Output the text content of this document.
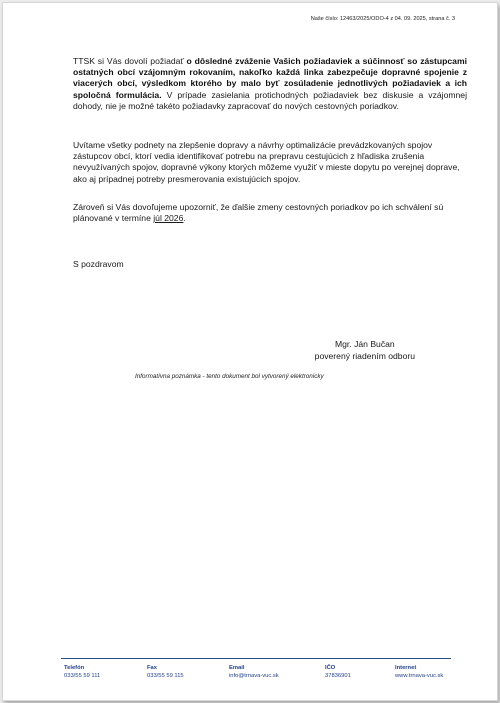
Naše číslo: 12463/2025/ODO-4 z 04. 09. 2025, strana č. 3
TTSK si Vás dovolí požiadať o dôsledné zváženie Vašich požiadaviek a súčinnosť so zástupcami ostatných obcí vzájomným rokovaním, nakoľko každá linka zabezpečuje dopravné spojenie z viacerých obcí, výsledkom ktorého by malo byť zosúladenie jednotlivých požiadaviek a ich spoločná formulácia. V prípade zasielania protichodných požiadaviek bez diskusie a vzájomnej dohody, nie je možné takéto požiadavky zapracovať do nových cestovných poriadkov.
Uvítame všetky podnety na zlepšenie dopravy a návrhy optimalizácie prevádzkovaných spojov zástupcov obcí, ktorí vedia identifikovať potrebu na prepravu cestujúcich z hľadiska zrušenia nevyužívaných spojov, dopravné výkony ktorých môžeme využiť v mieste dopytu po verejnej doprave, ako aj prípadnej potreby presmerovania existujúcich spojov.
Zároveň si Vás dovoľujeme upozorniť, že ďalšie zmeny cestovných poriadkov po ich schválení sú plánované v termíne júl 2026.
S pozdravom
Mgr. Ján Bučan
poverený riadením odboru
Informatívna poznámka - tento dokument bol vytvorený elektronicky
Telefón
033/55 59 111
Fax
033/55 59 115
Email
info@trnava-vuc.sk
IČO
37836901
Internet
www.trnava-vuc.sk
